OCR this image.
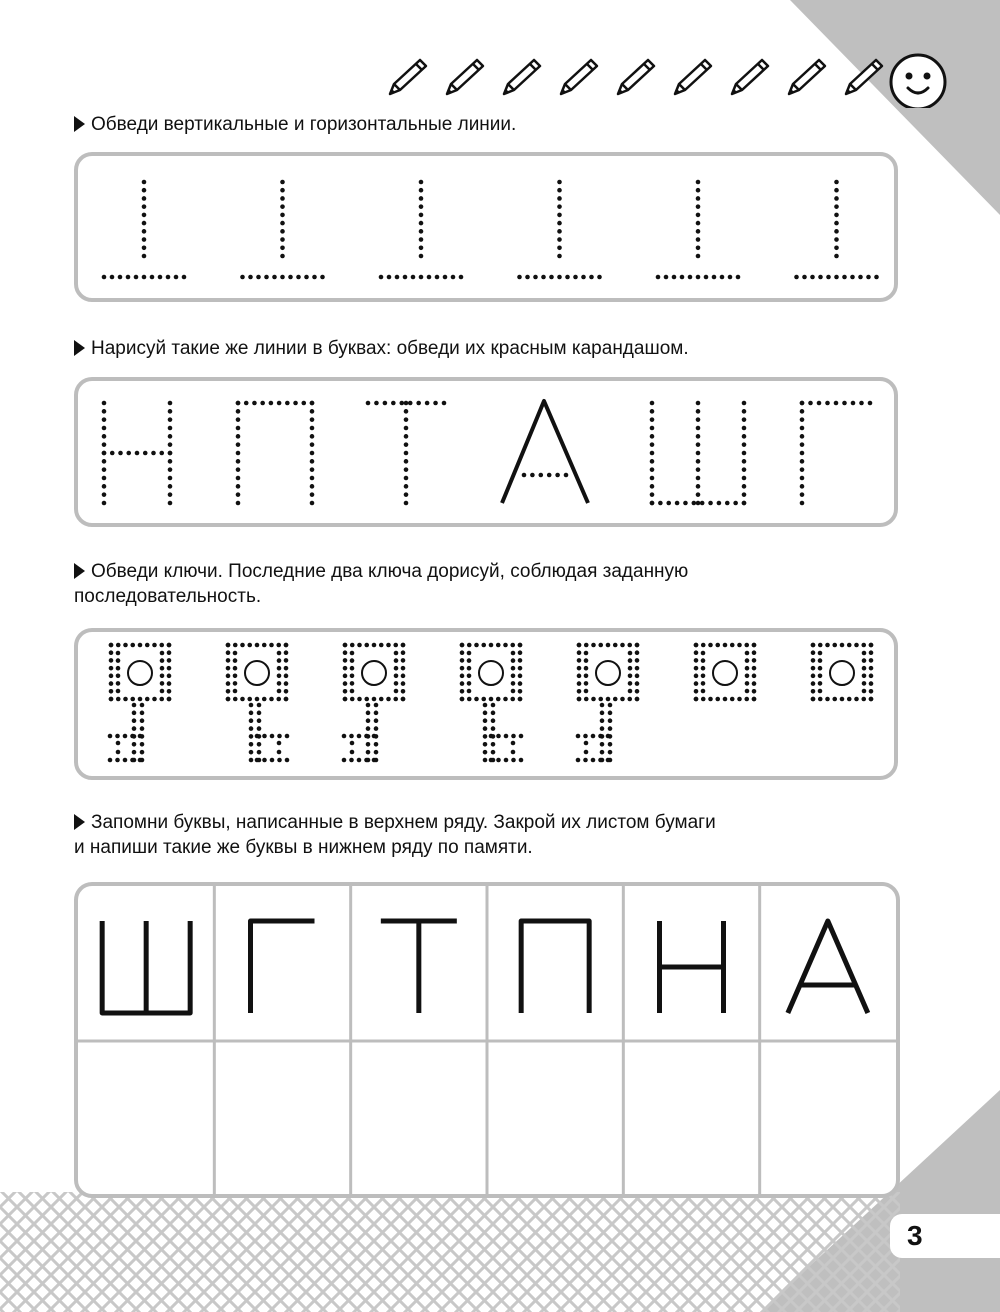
Обведи вертикальные и горизонтальные линии.

Нарисуй такие же линии в буквах: обведи их красным карандашом.

Обведи ключи. Последние два ключа дорисуй, соблюдая заданную
последовательность.

Запомни буквы, написанные в верхнем ряду. Закрой их листом бумаги
и напиши такие же буквы в нижнем ряду по памяти.

3
